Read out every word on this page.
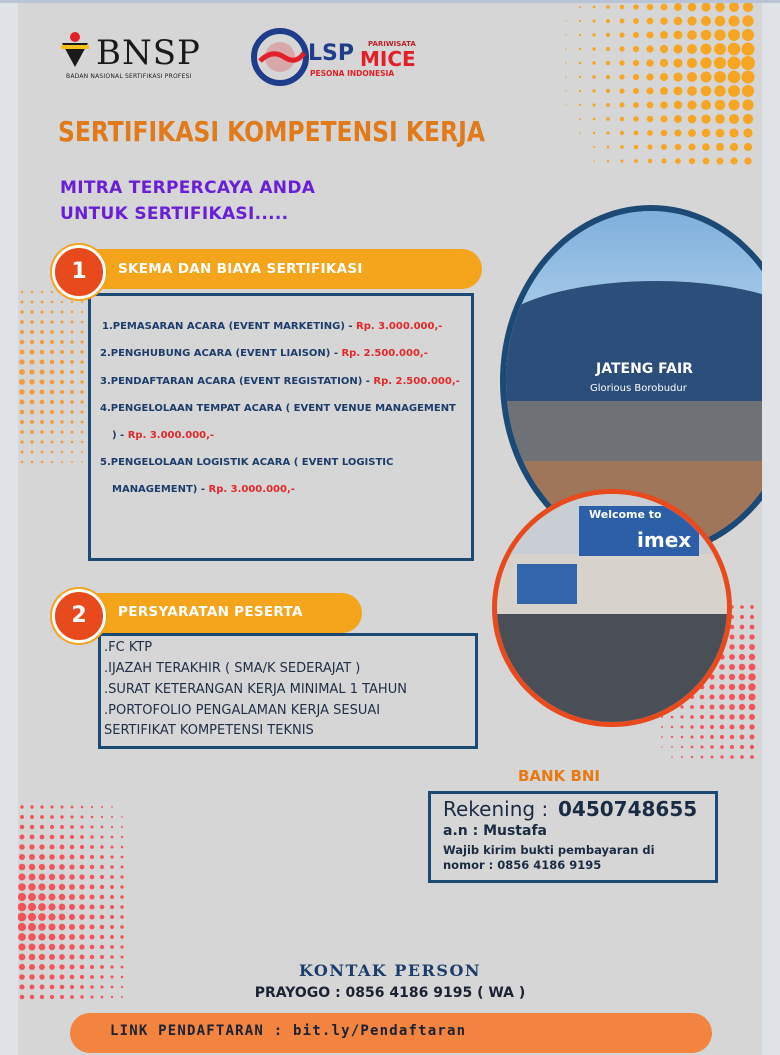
BNSP
BADAN NASIONAL SERTIFIKASI PROFESI
LSP PARIWISATA
MICE
PESONA INDONESIA
SERTIFIKASI KOMPETENSI KERJA
MITRA TERPERCAYA ANDA
UNTUK SERTIFIKASI.....
SKEMA DAN BIAYA SERTIFIKASI
1
1.PEMASARAN ACARA (EVENT MARKETING) - Rp. 3.000.000,-
2.PENGHUBUNG ACARA (EVENT LIAISON) - Rp. 2.500.000,-
3.PENDAFTARAN ACARA (EVENT REGISTATION) - Rp. 2.500.000,-
4.PENGELOLAAN TEMPAT ACARA ( EVENT VENUE MANAGEMENT
) - Rp. 3.000.000,-
5.PENGELOLAAN LOGISTIK ACARA ( EVENT LOGISTIC
MANAGEMENT) - Rp. 3.000.000,-
PERSYARATAN PESERTA
2
.FC KTP
.IJAZAH TERAKHIR ( SMA/K SEDERAJAT )
.SURAT KETERANGAN KERJA MINIMAL 1 TAHUN
.PORTOFOLIO PENGALAMAN KERJA SESUAI
SERTIFIKAT KOMPETENSI TEKNIS
JATENG FAIR
Glorious Borobudur
Welcome to
imex
BANK BNI
Rekening : 0450748655
a.n : Mustafa
Wajib kirim bukti pembayaran di
nomor : 0856 4186 9195
KONTAK PERSON
PRAYOGO : 0856 4186 9195 ( WA )
LINK PENDAFTARAN : bit.ly/Pendaftaran
